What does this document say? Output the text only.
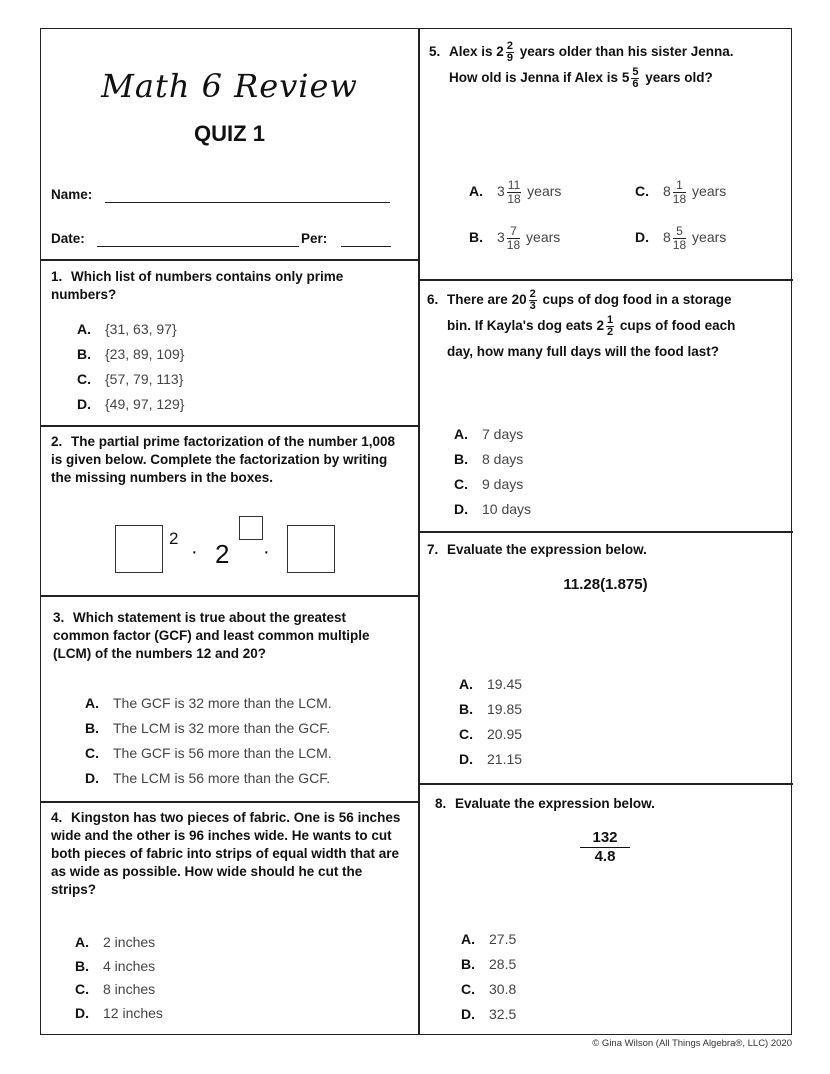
Math 6 Review
QUIZ 1
Name:
Date:	Per:
1. Which list of numbers contains only prime numbers?
A. {31, 63, 97}
B. {23, 89, 109}
C. {57, 79, 113}
D. {49, 97, 129}
2. The partial prime factorization of the number 1,008 is given below. Complete the factorization by writing the missing numbers in the boxes.
2
· 2 ·
3. Which statement is true about the greatest common factor (GCF) and least common multiple (LCM) of the numbers 12 and 20?
A. The GCF is 32 more than the LCM.
B. The LCM is 32 more than the GCF.
C. The GCF is 56 more than the LCM.
D. The LCM is 56 more than the GCF.
4. Kingston has two pieces of fabric. One is 56 inches wide and the other is 96 inches wide. He wants to cut both pieces of fabric into strips of equal width that are as wide as possible. How wide should he cut the strips?
A. 2 inches
B. 4 inches
C. 8 inches
D. 12 inches
5. Alex is $2 \frac{2}{9}$ years older than his sister Jenna.
How old is Jenna if Alex is $5 \frac{5}{6}$ years old?
A. $3 \frac{11}{18}$ years
B. $3 \frac{7}{18}$ years
C. $8 \frac{1}{18}$ years
D. $8 \frac{5}{18}$ years
6. There are $20 \frac{2}{3}$ cups of dog food in a storage
bin. If Kayla's dog eats $2 \frac{1}{2}$ cups of food each
day, how many full days will the food last?
A. 7 days
B. 8 days
C. 9 days
D. 10 days
7. Evaluate the expression below.
11.28(1.875)
A. 19.45
B. 19.85
C. 20.95
D. 21.15
8. Evaluate the expression below.
$\frac{132}{4.8}$
A. 27.5
B. 28.5
C. 30.8
D. 32.5
© Gina Wilson (All Things Algebra®, LLC) 2020
